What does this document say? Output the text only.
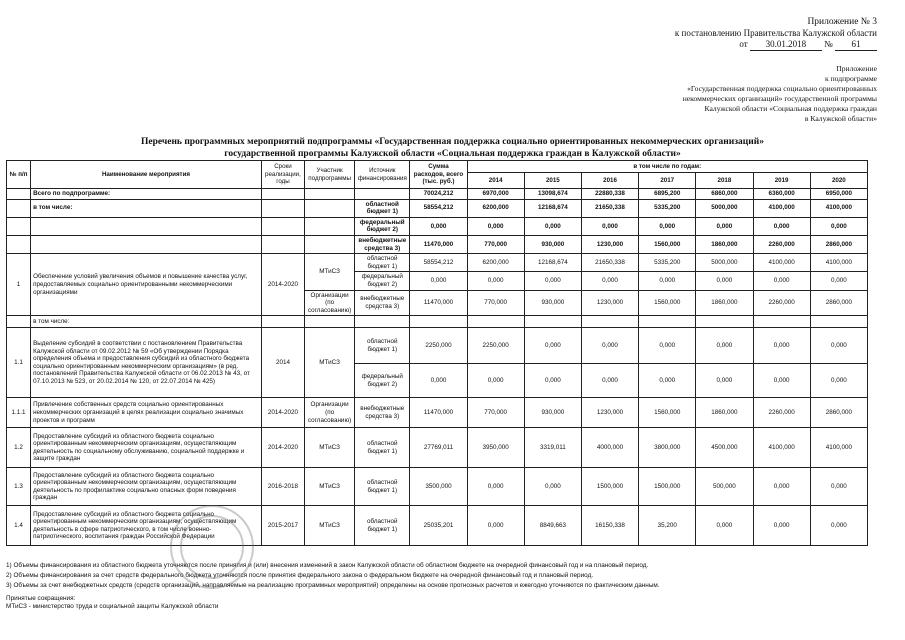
Приложение № 3
к постановлению Правительства Калужской области
от 30.01.2018 № 61
Приложение
к подпрограмме
«Государственная поддержка социально ориентированных
некоммерческих организаций» государственной программы
Калужской области «Социальная поддержка граждан
в Калужской области»
Перечень программных мероприятий подпрограммы «Государственная поддержка социально ориентированных некоммерческих организаций»
государственной программы Калужской области «Социальная поддержка граждан в Калужской области»
№ п/п	Наименование мероприятия	Сроки реализации, годы	Участник подпрограммы	Источник финансирования	Сумма расходов, всего (тыс. руб.)	в том числе по годам:						
						2014	2015	2016	2017	2018	2019	2020
	Всего по подпрограмме:				70024,212	6970,000	13098,674	22880,338	6895,200	6860,000	6360,000	6950,000
	в том числе:			областной бюджет 1)	58554,212	6200,000	12168,674	21650,338	5335,200	5000,000	4100,000	4100,000
				федеральный бюджет 2)	0,000	0,000	0,000	0,000	0,000	0,000	0,000	0,000
				внебюджетные средства 3)	11470,000	770,000	930,000	1230,000	1560,000	1860,000	2260,000	2860,000
1	Обеспечение условий увеличения объемов и повышение качества услуг, предоставляемых социально ориентированными некоммерческими организациями	2014-2020	МТиСЗ	областной бюджет 1)	58554,212	6200,000	12168,674	21650,338	5335,200	5000,000	4100,000	4100,000
				федеральный бюджет 2)	0,000	0,000	0,000	0,000	0,000	0,000	0,000	0,000
			Организации (по согласованию)	внебюджетные средства 3)	11470,000	770,000	930,000	1230,000	1560,000	1860,000	2260,000	2860,000
	в том числе:											
1.1	Выделение субсидий в соответствии с постановлением Правительства Калужской области от 09.02.2012 № 59 «Об утверждении Порядка определения объема и предоставления субсидий из областного бюджета социально ориентированным некоммерческим организациям» (в ред. постановлений Правительства Калужской области от 06.02.2013 № 43, от 07.10.2013 № 523, от 20.02.2014 № 120, от 22.07.2014 № 425)	2014	МТиСЗ	областной бюджет 1)	2250,000	2250,000	0,000	0,000	0,000	0,000	0,000	0,000
				федеральный бюджет 2)	0,000	0,000	0,000	0,000	0,000	0,000	0,000	0,000
1.1.1	Привлечение собственных средств социально ориентированных некоммерческих организаций в целях реализации социально значимых проектов и программ	2014-2020	Организации (по согласованию)	внебюджетные средства 3)	11470,000	770,000	930,000	1230,000	1560,000	1860,000	2260,000	2860,000
1.2	Предоставление субсидий из областного бюджета социально ориентированным некоммерческим организациям, осуществляющим деятельность по социальному обслуживанию, социальной поддержке и защите граждан	2014-2020	МТиСЗ	областной бюджет 1)	27769,011	3950,000	3319,011	4000,000	3800,000	4500,000	4100,000	4100,000
1.3	Предоставление субсидий из областного бюджета социально ориентированным некоммерческим организациям, осуществляющим деятельность по профилактике социально опасных форм поведения граждан	2016-2018	МТиСЗ	областной бюджет 1)	3500,000	0,000	0,000	1500,000	1500,000	500,000	0,000	0,000
1.4	Предоставление субсидий из областного бюджета социально ориентированным некоммерческим организациям, осуществляющим деятельность в сфере патриотического, в том числе военно-патриотического, воспитания граждан Российской Федерации	2015-2017	МТиСЗ	областной бюджет 1)	25035,201	0,000	8849,663	16150,338	35,200	0,000	0,000	0,000
1) Объемы финансирования из областного бюджета уточняются после принятия и (или) внесения изменений в закон Калужской области об областном бюджете на очередной финансовый год и на плановый период.
2) Объемы финансирования за счет средств федерального бюджета уточняются после принятия федерального закона о федеральном бюджете на очередной финансовый год и плановый период.
3) Объемы за счет внебюджетных средств (средств организаций, направляемые на реализацию программных мероприятий) определены на основе прогнозных расчетов и ежегодно уточняются по фактическим данным.
Принятые сокращения:
МТиСЗ - министерство труда и социальной защиты Калужской области
